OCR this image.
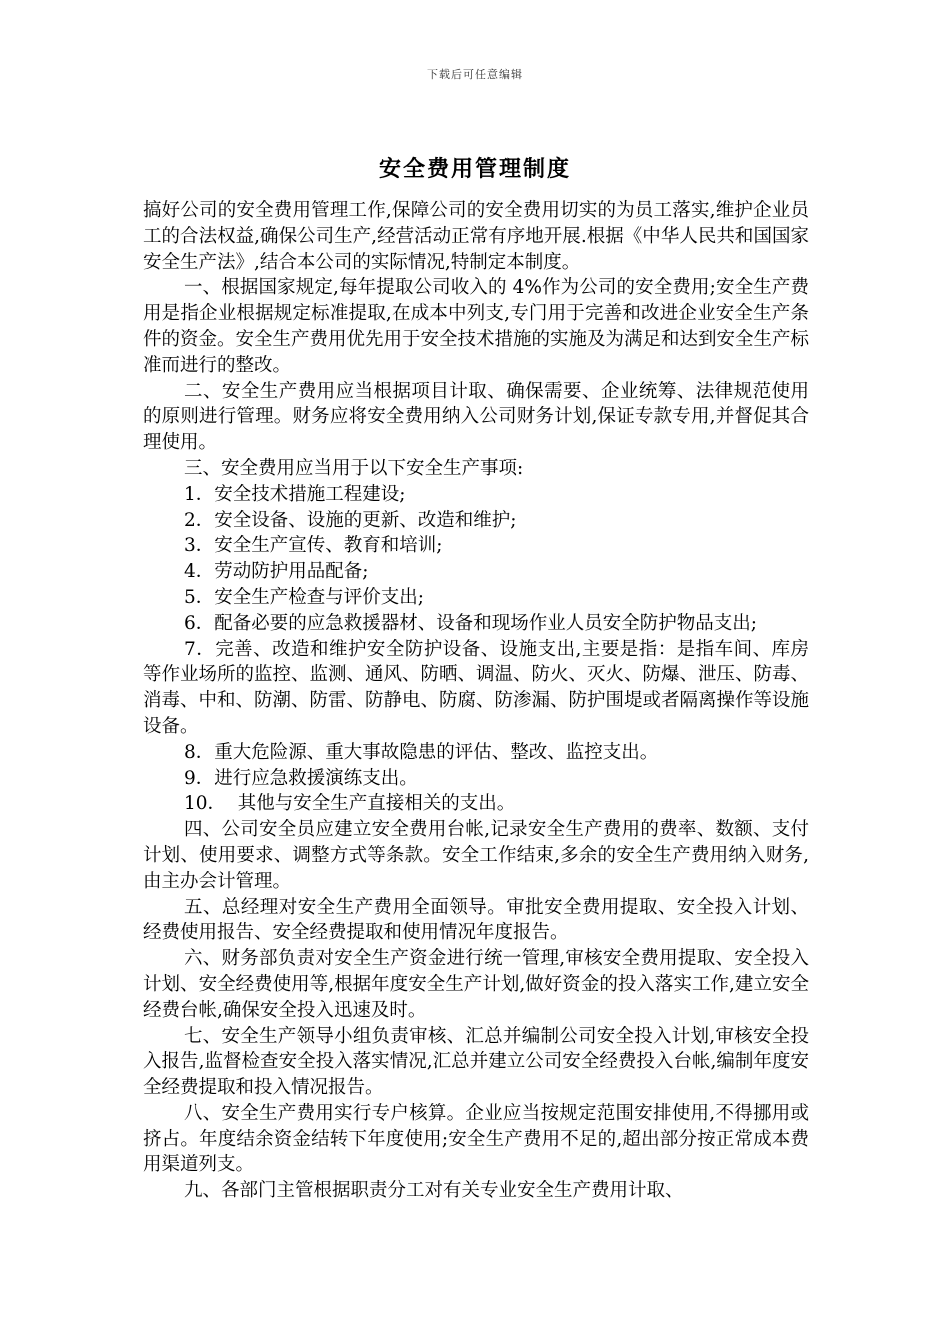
下载后可任意编辑
安全费用管理制度

搞好公司的安全费用管理工作,保障公司的安全费用切实的为员工落实,维护企业员工的合法权益,确保公司生产,经营活动正常有序地开展.根据《中华人民共和国国家安全生产法》,结合本公司的实际情况,特制定本制度。

一、根据国家规定,每年提取公司收入的 4%作为公司的安全费用;安全生产费用是指企业根据规定标准提取,在成本中列支,专门用于完善和改进企业安全生产条件的资金。安全生产费用优先用于安全技术措施的实施及为满足和达到安全生产标准而进行的整改。

二、安全生产费用应当根据项目计取、确保需要、企业统筹、法律规范使用的原则进行管理。财务应将安全费用纳入公司财务计划,保证专款专用,并督促其合理使用。

三、安全费用应当用于以下安全生产事项:

1．安全技术措施工程建设;

2．安全设备、设施的更新、改造和维护;

3．安全生产宣传、教育和培训;

4．劳动防护用品配备;

5．安全生产检查与评价支出;

6．配备必要的应急救援器材、设备和现场作业人员安全防护物品支出;

7．完善、改造和维护安全防护设备、设施支出,主要是指：是指车间、库房等作业场所的监控、监测、通风、防晒、调温、防火、灭火、防爆、泄压、防毒、消毒、中和、防潮、防雷、防静电、防腐、防渗漏、防护围堤或者隔离操作等设施设备。

8．重大危险源、重大事故隐患的评估、整改、监控支出。

9．进行应急救援演练支出。

10．  其他与安全生产直接相关的支出。

四、公司安全员应建立安全费用台帐,记录安全生产费用的费率、数额、支付计划、使用要求、调整方式等条款。安全工作结束,多余的安全生产费用纳入财务,由主办会计管理。

五、总经理对安全生产费用全面领导。审批安全费用提取、安全投入计划、经费使用报告、安全经费提取和使用情况年度报告。

六、财务部负责对安全生产资金进行统一管理,审核安全费用提取、安全投入计划、安全经费使用等,根据年度安全生产计划,做好资金的投入落实工作,建立安全经费台帐,确保安全投入迅速及时。

七、安全生产领导小组负责审核、汇总并编制公司安全投入计划,审核安全投入报告,监督检查安全投入落实情况,汇总并建立公司安全经费投入台帐,编制年度安全经费提取和投入情况报告。

八、安全生产费用实行专户核算。企业应当按规定范围安排使用,不得挪用或挤占。年度结余资金结转下年度使用;安全生产费用不足的,超出部分按正常成本费用渠道列支。

九、各部门主管根据职责分工对有关专业安全生产费用计取、
